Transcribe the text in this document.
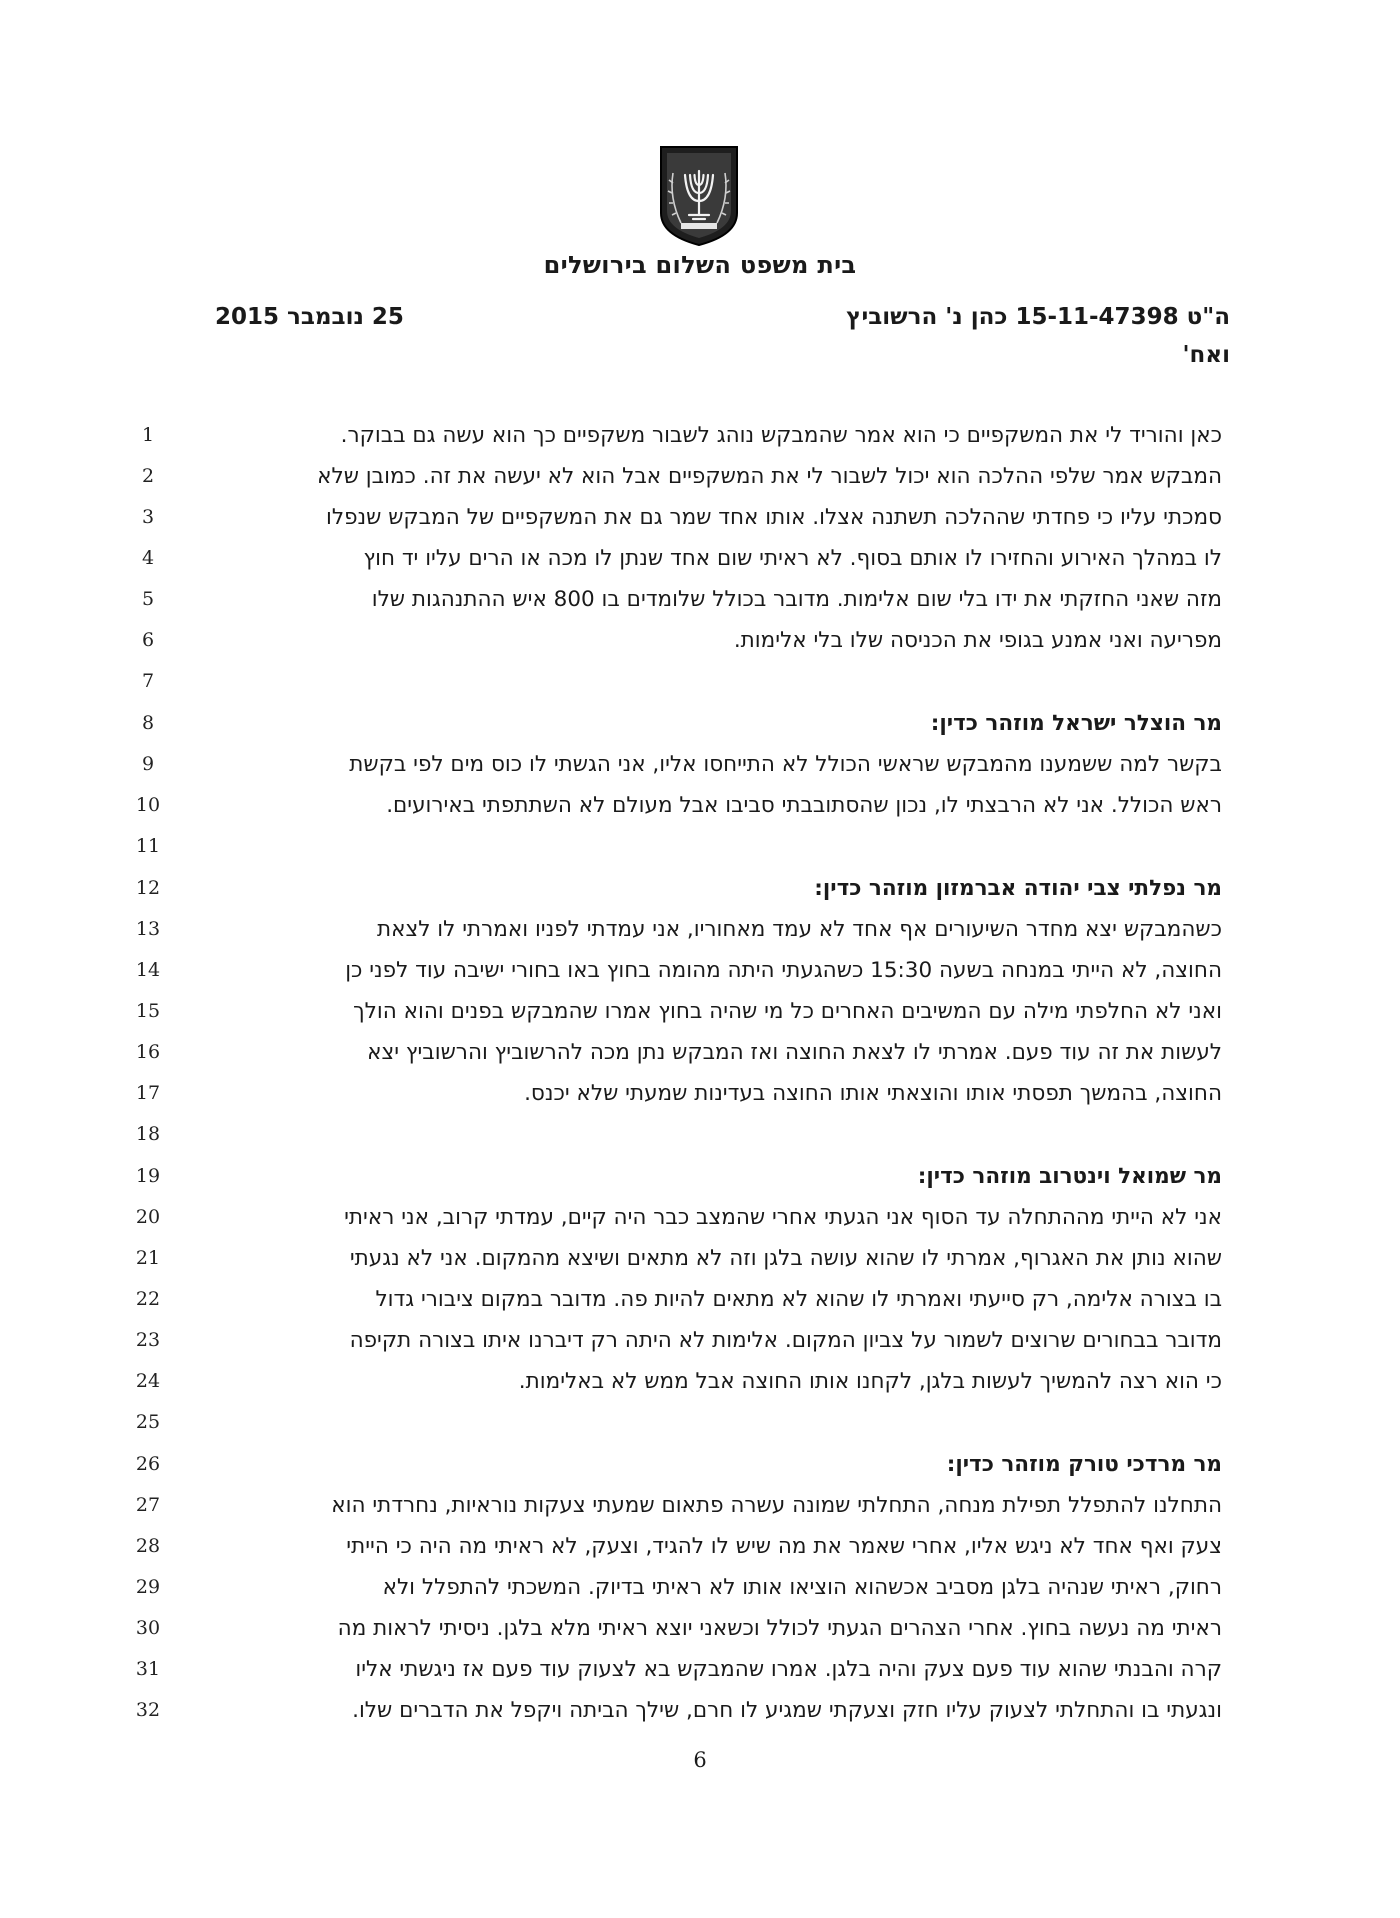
בית משפט השלום בירושלים
ה"ט 15-11-47398 כהן נ' הרשוביץ
ואח'
25 נובמבר 2015
1	כאן והוריד לי את המשקפיים כי הוא אמר שהמבקש נוהג לשבור משקפיים כך הוא עשה גם בבוקר.
2	המבקש אמר שלפי ההלכה הוא יכול לשבור לי את המשקפיים אבל הוא לא יעשה את זה. כמובן שלא
3	סמכתי עליו כי פחדתי שההלכה תשתנה אצלו. אותו אחד שמר גם את המשקפיים של המבקש שנפלו
4	לו במהלך האירוע והחזירו לו אותם בסוף. לא ראיתי שום אחד שנתן לו מכה או הרים עליו יד חוץ
5	מזה שאני החזקתי את ידו בלי שום אלימות. מדובר בכולל שלומדים בו 800 איש ההתנהגות שלו
6	מפריעה ואני אמנע בגופי את הכניסה שלו בלי אלימות.
7
8	מר הוצלר ישראל מוזהר כדין:
9	בקשר למה ששמענו מהמבקש שראשי הכולל לא התייחסו אליו, אני הגשתי לו כוס מים לפי בקשת
10	ראש הכולל. אני לא הרבצתי לו, נכון שהסתובבתי סביבו אבל מעולם לא השתתפתי באירועים.
11
12	מר נפלתי צבי יהודה אברמזון מוזהר כדין:
13	כשהמבקש יצא מחדר השיעורים אף אחד לא עמד מאחוריו, אני עמדתי לפניו ואמרתי לו לצאת
14	החוצה, לא הייתי במנחה בשעה 15:30 כשהגעתי היתה מהומה בחוץ באו בחורי ישיבה עוד לפני כן
15	ואני לא החלפתי מילה עם המשיבים האחרים כל מי שהיה בחוץ אמרו שהמבקש בפנים והוא הולך
16	לעשות את זה עוד פעם. אמרתי לו לצאת החוצה ואז המבקש נתן מכה להרשוביץ והרשוביץ יצא
17	החוצה, בהמשך תפסתי אותו והוצאתי אותו החוצה בעדינות שמעתי שלא יכנס.
18
19	מר שמואל וינטרוב מוזהר כדין:
20	אני לא הייתי מההתחלה עד הסוף אני הגעתי אחרי שהמצב כבר היה קיים, עמדתי קרוב, אני ראיתי
21	שהוא נותן את האגרוף, אמרתי לו שהוא עושה בלגן וזה לא מתאים ושיצא מהמקום. אני לא נגעתי
22	בו בצורה אלימה, רק סייעתי ואמרתי לו שהוא לא מתאים להיות פה. מדובר במקום ציבורי גדול
23	מדובר בבחורים שרוצים לשמור על צביון המקום. אלימות לא היתה רק דיברנו איתו בצורה תקיפה
24	כי הוא רצה להמשיך לעשות בלגן, לקחנו אותו החוצה אבל ממש לא באלימות.
25
26	מר מרדכי טורק מוזהר כדין:
27	התחלנו להתפלל תפילת מנחה, התחלתי שמונה עשרה פתאום שמעתי צעקות נוראיות, נחרדתי הוא
28	צעק ואף אחד לא ניגש אליו, אחרי שאמר את מה שיש לו להגיד, וצעק, לא ראיתי מה היה כי הייתי
29	רחוק, ראיתי שנהיה בלגן מסביב אכשהוא הוציאו אותו לא ראיתי בדיוק. המשכתי להתפלל ולא
30	ראיתי מה נעשה בחוץ. אחרי הצהרים הגעתי לכולל וכשאני יוצא ראיתי מלא בלגן. ניסיתי לראות מה
31	קרה והבנתי שהוא עוד פעם צעק והיה בלגן. אמרו שהמבקש בא לצעוק עוד פעם אז ניגשתי אליו
32	ונגעתי בו והתחלתי לצעוק עליו חזק וצעקתי שמגיע לו חרם, שילך הביתה ויקפל את הדברים שלו.
6
